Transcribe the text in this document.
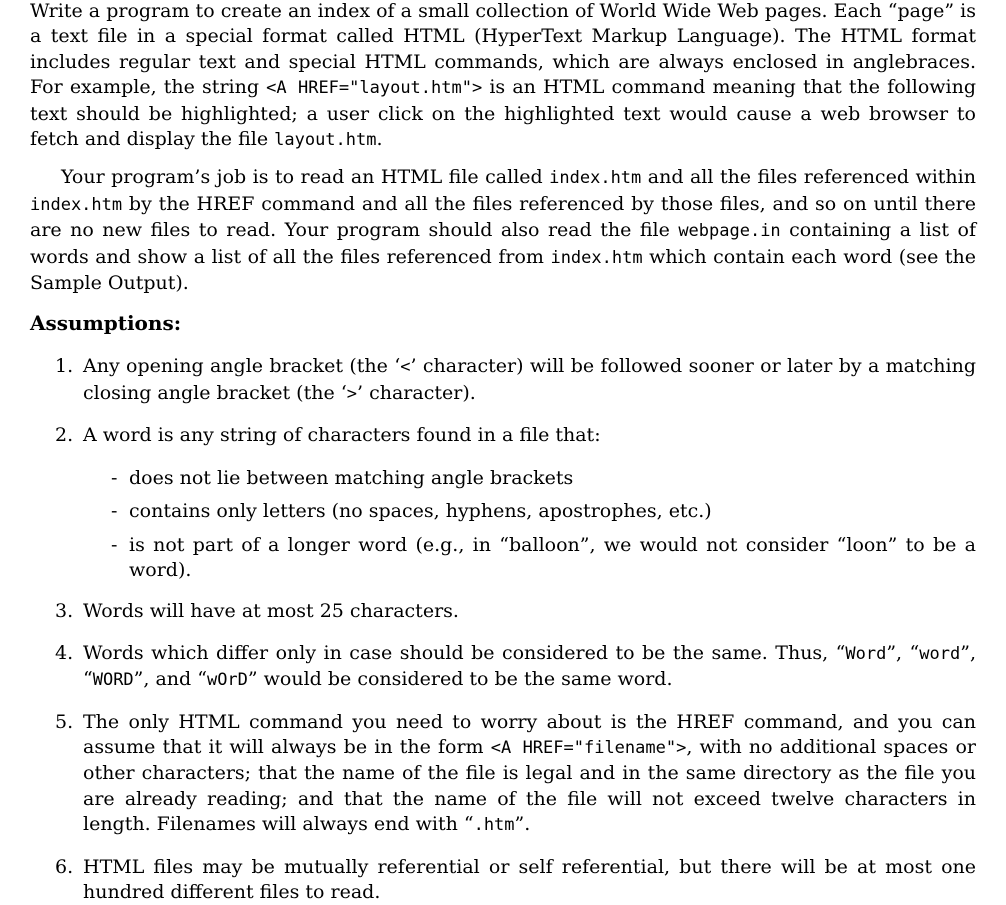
Write a program to create an index of a small collection of World Wide Web pages. Each “page” is a text file in a special format called HTML (HyperText Markup Language). The HTML format includes regular text and special HTML commands, which are always enclosed in anglebraces. For example, the string <A HREF="layout.htm"> is an HTML command meaning that the following text should be highlighted; a user click on the highlighted text would cause a web browser to fetch and display the file layout.htm.

Your program’s job is to read an HTML file called index.htm and all the files referenced within index.htm by the HREF command and all the files referenced by those files, and so on until there are no new files to read. Your program should also read the file webpage.in containing a list of words and show a list of all the files referenced from index.htm which contain each word (see the Sample Output).

Assumptions:
1. Any opening angle bracket (the ‘<’ character) will be followed sooner or later by a matching closing angle bracket (the ‘>’ character).

2. A word is any string of characters found in a file that:

- does not lie between matching angle brackets
- contains only letters (no spaces, hyphens, apostrophes, etc.)
- is not part of a longer word (e.g., in “balloon”, we would not consider “loon” to be a word).
3. Words will have at most 25 characters.

4. Words which differ only in case should be considered to be the same. Thus, “Word”, “word”, “WORD”, and “wOrD” would be considered to be the same word.

5. The only HTML command you need to worry about is the HREF command, and you can assume that it will always be in the form <A HREF="filename">, with no additional spaces or other characters; that the name of the file is legal and in the same directory as the file you are already reading; and that the name of the file will not exceed twelve characters in length. Filenames will always end with “.htm”.

6. HTML files may be mutually referential or self referential, but there will be at most one hundred different files to read.
